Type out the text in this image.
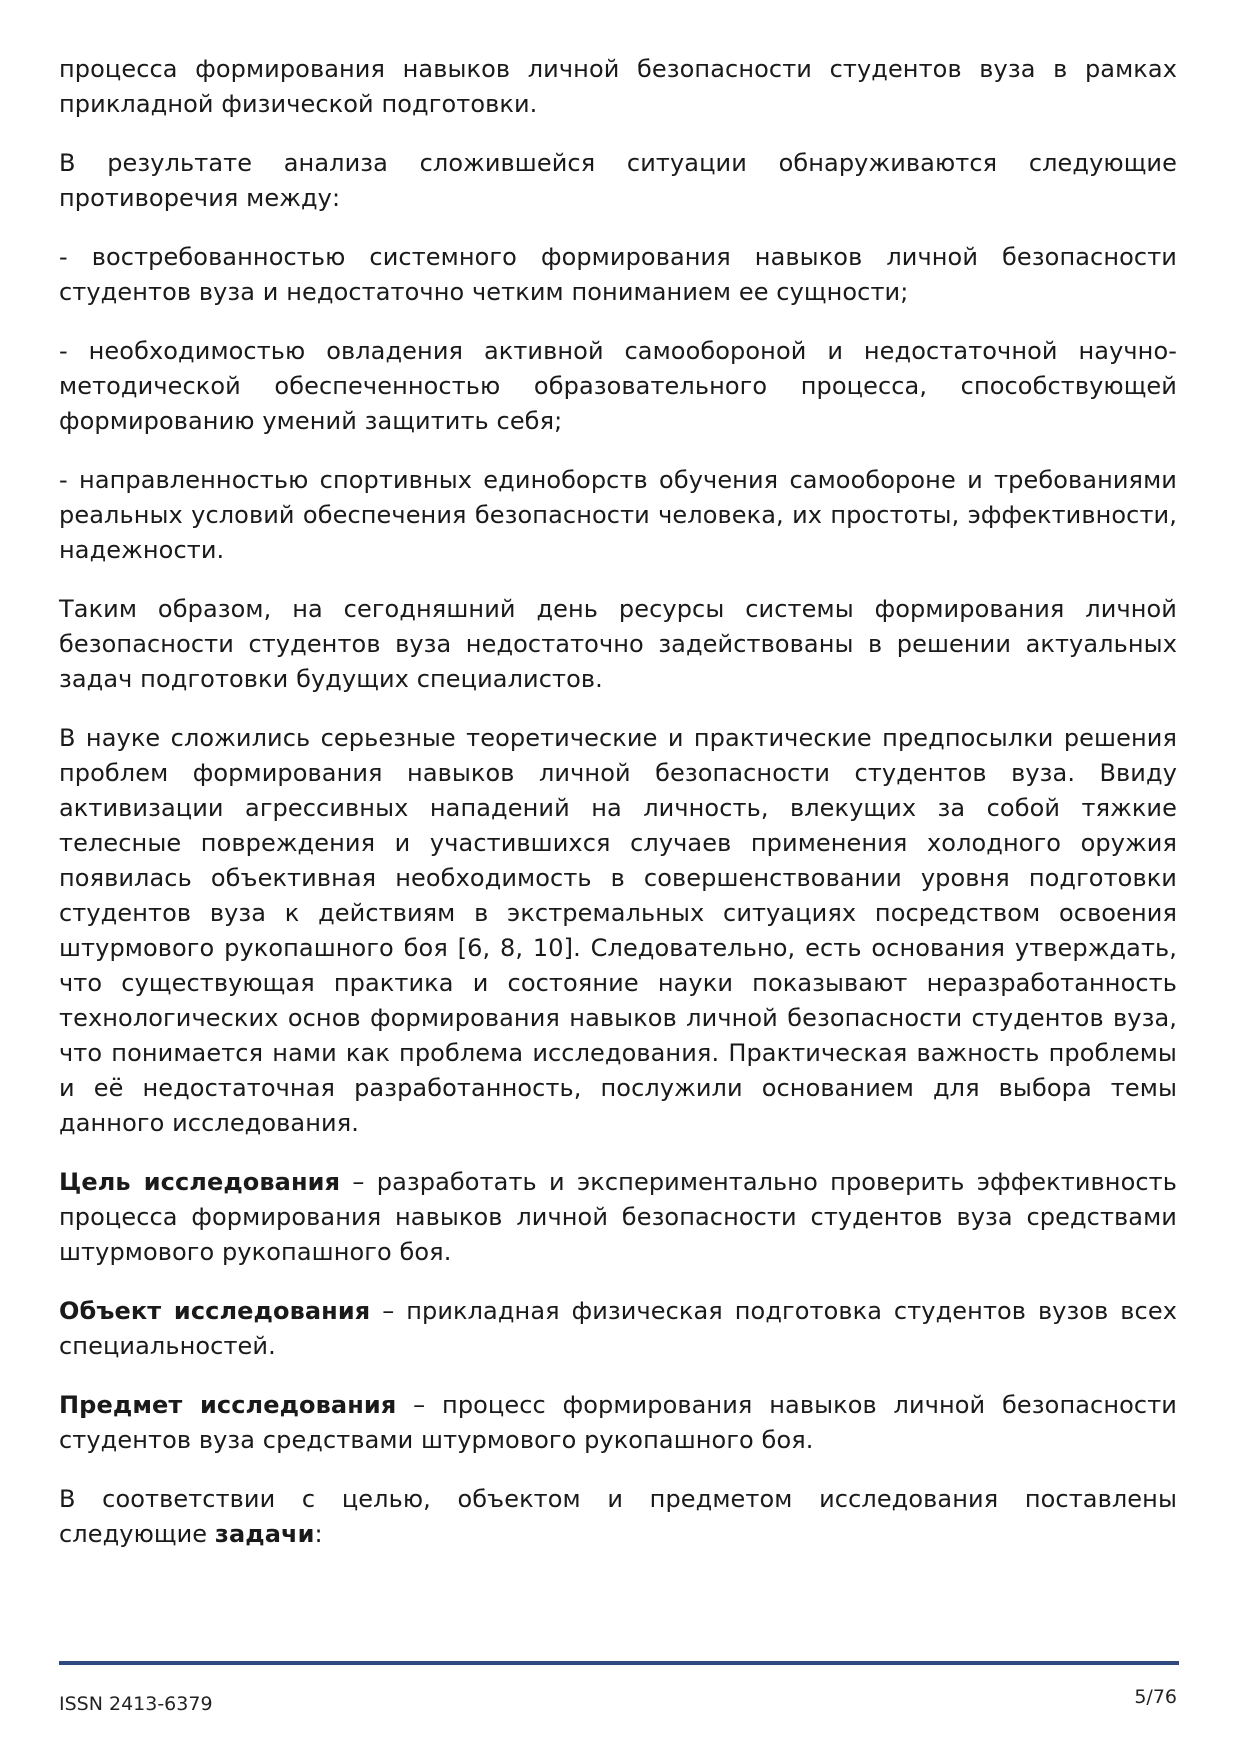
процесса формирования навыков личной безопасности студентов вуза в рамках прикладной физической подготовки.

В результате анализа сложившейся ситуации обнаруживаются следующие противоречия между:

- востребованностью системного формирования навыков личной безопасности студентов вуза и недостаточно четким пониманием ее сущности;

- необходимостью овладения активной самообороной и недостаточной научно-методической обеспеченностью образовательного процесса, способствующей формированию умений защитить себя;

- направленностью спортивных единоборств обучения самообороне и требованиями реальных условий обеспечения безопасности человека, их простоты, эффективности, надежности.

Таким образом, на сегодняшний день ресурсы системы формирования личной безопасности студентов вуза недостаточно задействованы в решении актуальных задач подготовки будущих специалистов.

В науке сложились серьезные теоретические и практические предпосылки решения проблем формирования навыков личной безопасности студентов вуза. Ввиду активизации агрессивных нападений на личность, влекущих за собой тяжкие телесные повреждения и участившихся случаев применения холодного оружия появилась объективная необходимость в совершенствовании уровня подготовки студентов вуза к действиям в экстремальных ситуациях посредством освоения штурмового рукопашного боя [6, 8, 10]. Следовательно, есть основания утверждать, что существующая практика и состояние науки показывают неразработанность технологических основ формирования навыков личной безопасности студентов вуза, что понимается нами как проблема исследования. Практическая важность проблемы и её недостаточная разработанность, послужили основанием для выбора темы данного исследования.

Цель исследования – разработать и экспериментально проверить эффективность процесса формирования навыков личной безопасности студентов вуза средствами штурмового рукопашного боя.

Объект исследования – прикладная физическая подготовка студентов вузов всех специальностей.

Предмет исследования – процесс формирования навыков личной безопасности студентов вуза средствами штурмового рукопашного боя.

В соответствии с целью, объектом и предметом исследования поставлены следующие задачи:

ISSN 2413-6379	5/76
